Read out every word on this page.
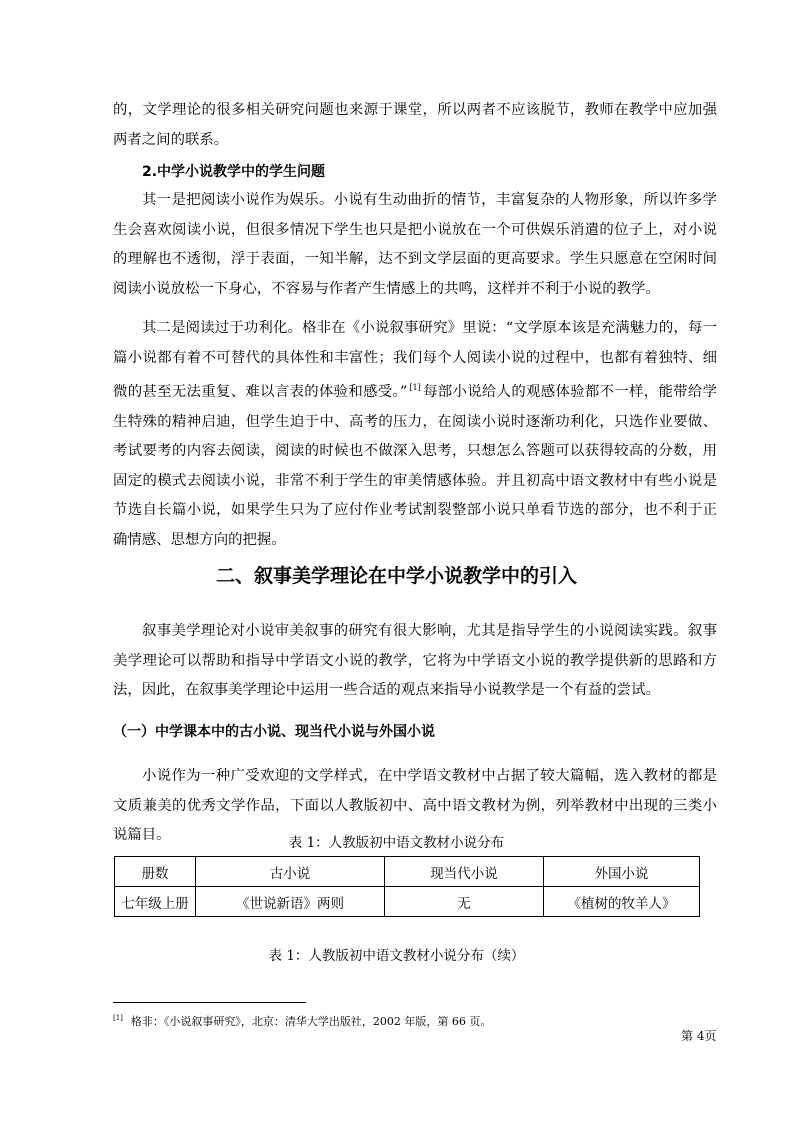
的，文学理论的很多相关研究问题也来源于课堂，所以两者不应该脱节，教师在教学中应加强两者之间的联系。

2.中学小说教学中的学生问题

其一是把阅读小说作为娱乐。小说有生动曲折的情节，丰富复杂的人物形象，所以许多学生会喜欢阅读小说，但很多情况下学生也只是把小说放在一个可供娱乐消遣的位子上，对小说的理解也不透彻，浮于表面，一知半解，达不到文学层面的更高要求。学生只愿意在空闲时间阅读小说放松一下身心，不容易与作者产生情感上的共鸣，这样并不利于小说的教学。

其二是阅读过于功利化。格非在《小说叙事研究》里说：“文学原本该是充满魅力的，每一篇小说都有着不可替代的具体性和丰富性；我们每个人阅读小说的过程中，也都有着独特、细微的甚至无法重复、难以言表的体验和感受。” [1] 每部小说给人的观感体验都不一样，能带给学生特殊的精神启迪，但学生迫于中、高考的压力，在阅读小说时逐渐功利化，只选作业要做、考试要考的内容去阅读，阅读的时候也不做深入思考，只想怎么答题可以获得较高的分数，用固定的模式去阅读小说，非常不利于学生的审美情感体验。并且初高中语文教材中有些小说是节选自长篇小说，如果学生只为了应付作业考试割裂整部小说只单看节选的部分，也不利于正确情感、思想方向的把握。

二、叙事美学理论在中学小说教学中的引入

叙事美学理论对小说审美叙事的研究有很大影响，尤其是指导学生的小说阅读实践。叙事美学理论可以帮助和指导中学语文小说的教学，它将为中学语文小说的教学提供新的思路和方法，因此，在叙事美学理论中运用一些合适的观点来指导小说教学是一个有益的尝试。

（一）中学课本中的古小说、现当代小说与外国小说

小说作为一种广受欢迎的文学样式，在中学语文教材中占据了较大篇幅，选入教材的都是文质兼美的优秀文学作品，下面以人教版初中、高中语文教材为例，列举教材中出现的三类小说篇目。	表 1：人教版初中语文教材小说分布

册数	古小说	现当代小说	外国小说
七年级上册	《世说新语》两则	无	《植树的牧羊人》

表 1：人教版初中语文教材小说分布（续）

[1] 格非：《小说叙事研究》，北京：清华大学出版社，2002 年版，第 66 页。

第 4页
